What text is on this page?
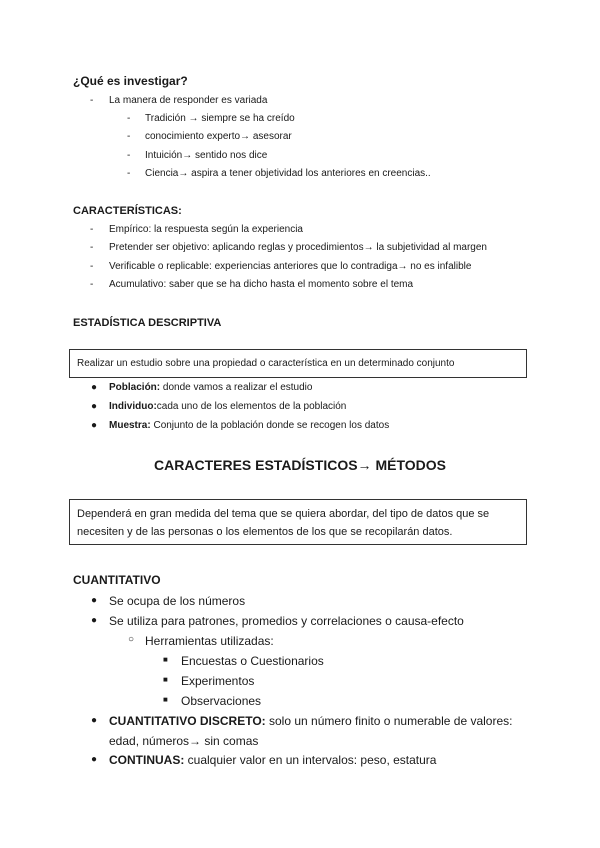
¿Qué es investigar?
- La manera de responder es variada
- Tradición → siempre se ha creído
- conocimiento experto→ asesorar
- Intuición→ sentido nos dice
- Ciencia→ aspira a tener objetividad los anteriores en creencias..
CARACTERÍSTICAS:
- Empírico: la respuesta según la experiencia
- Pretender ser objetivo: aplicando reglas y procedimientos→ la subjetividad al margen
- Verificable o replicable: experiencias anteriores que lo contradiga→ no es infalible
- Acumulativo: saber que se ha dicho hasta el momento sobre el tema
ESTADÍSTICA DESCRIPTIVA
Realizar un estudio sobre una propiedad o característica en un determinado conjunto
● Población: donde vamos a realizar el estudio
● Individuo:cada uno de los elementos de la población
● Muestra: Conjunto de la población donde se recogen los datos
CARACTERES ESTADÍSTICOS→ MÉTODOS
Dependerá en gran medida del tema que se quiera abordar, del tipo de datos que se
necesiten y de las personas o los elementos de los que se recopilarán datos.
CUANTITATIVO
● Se ocupa de los números
● Se utiliza para patrones, promedios y correlaciones o causa-efecto
○ Herramientas utilizadas:
■ Encuestas o Cuestionarios
■ Experimentos
■ Observaciones
● CUANTITATIVO DISCRETO: solo un número finito o numerable de valores:
edad, números→ sin comas
● CONTINUAS: cualquier valor en un intervalos: peso, estatura
